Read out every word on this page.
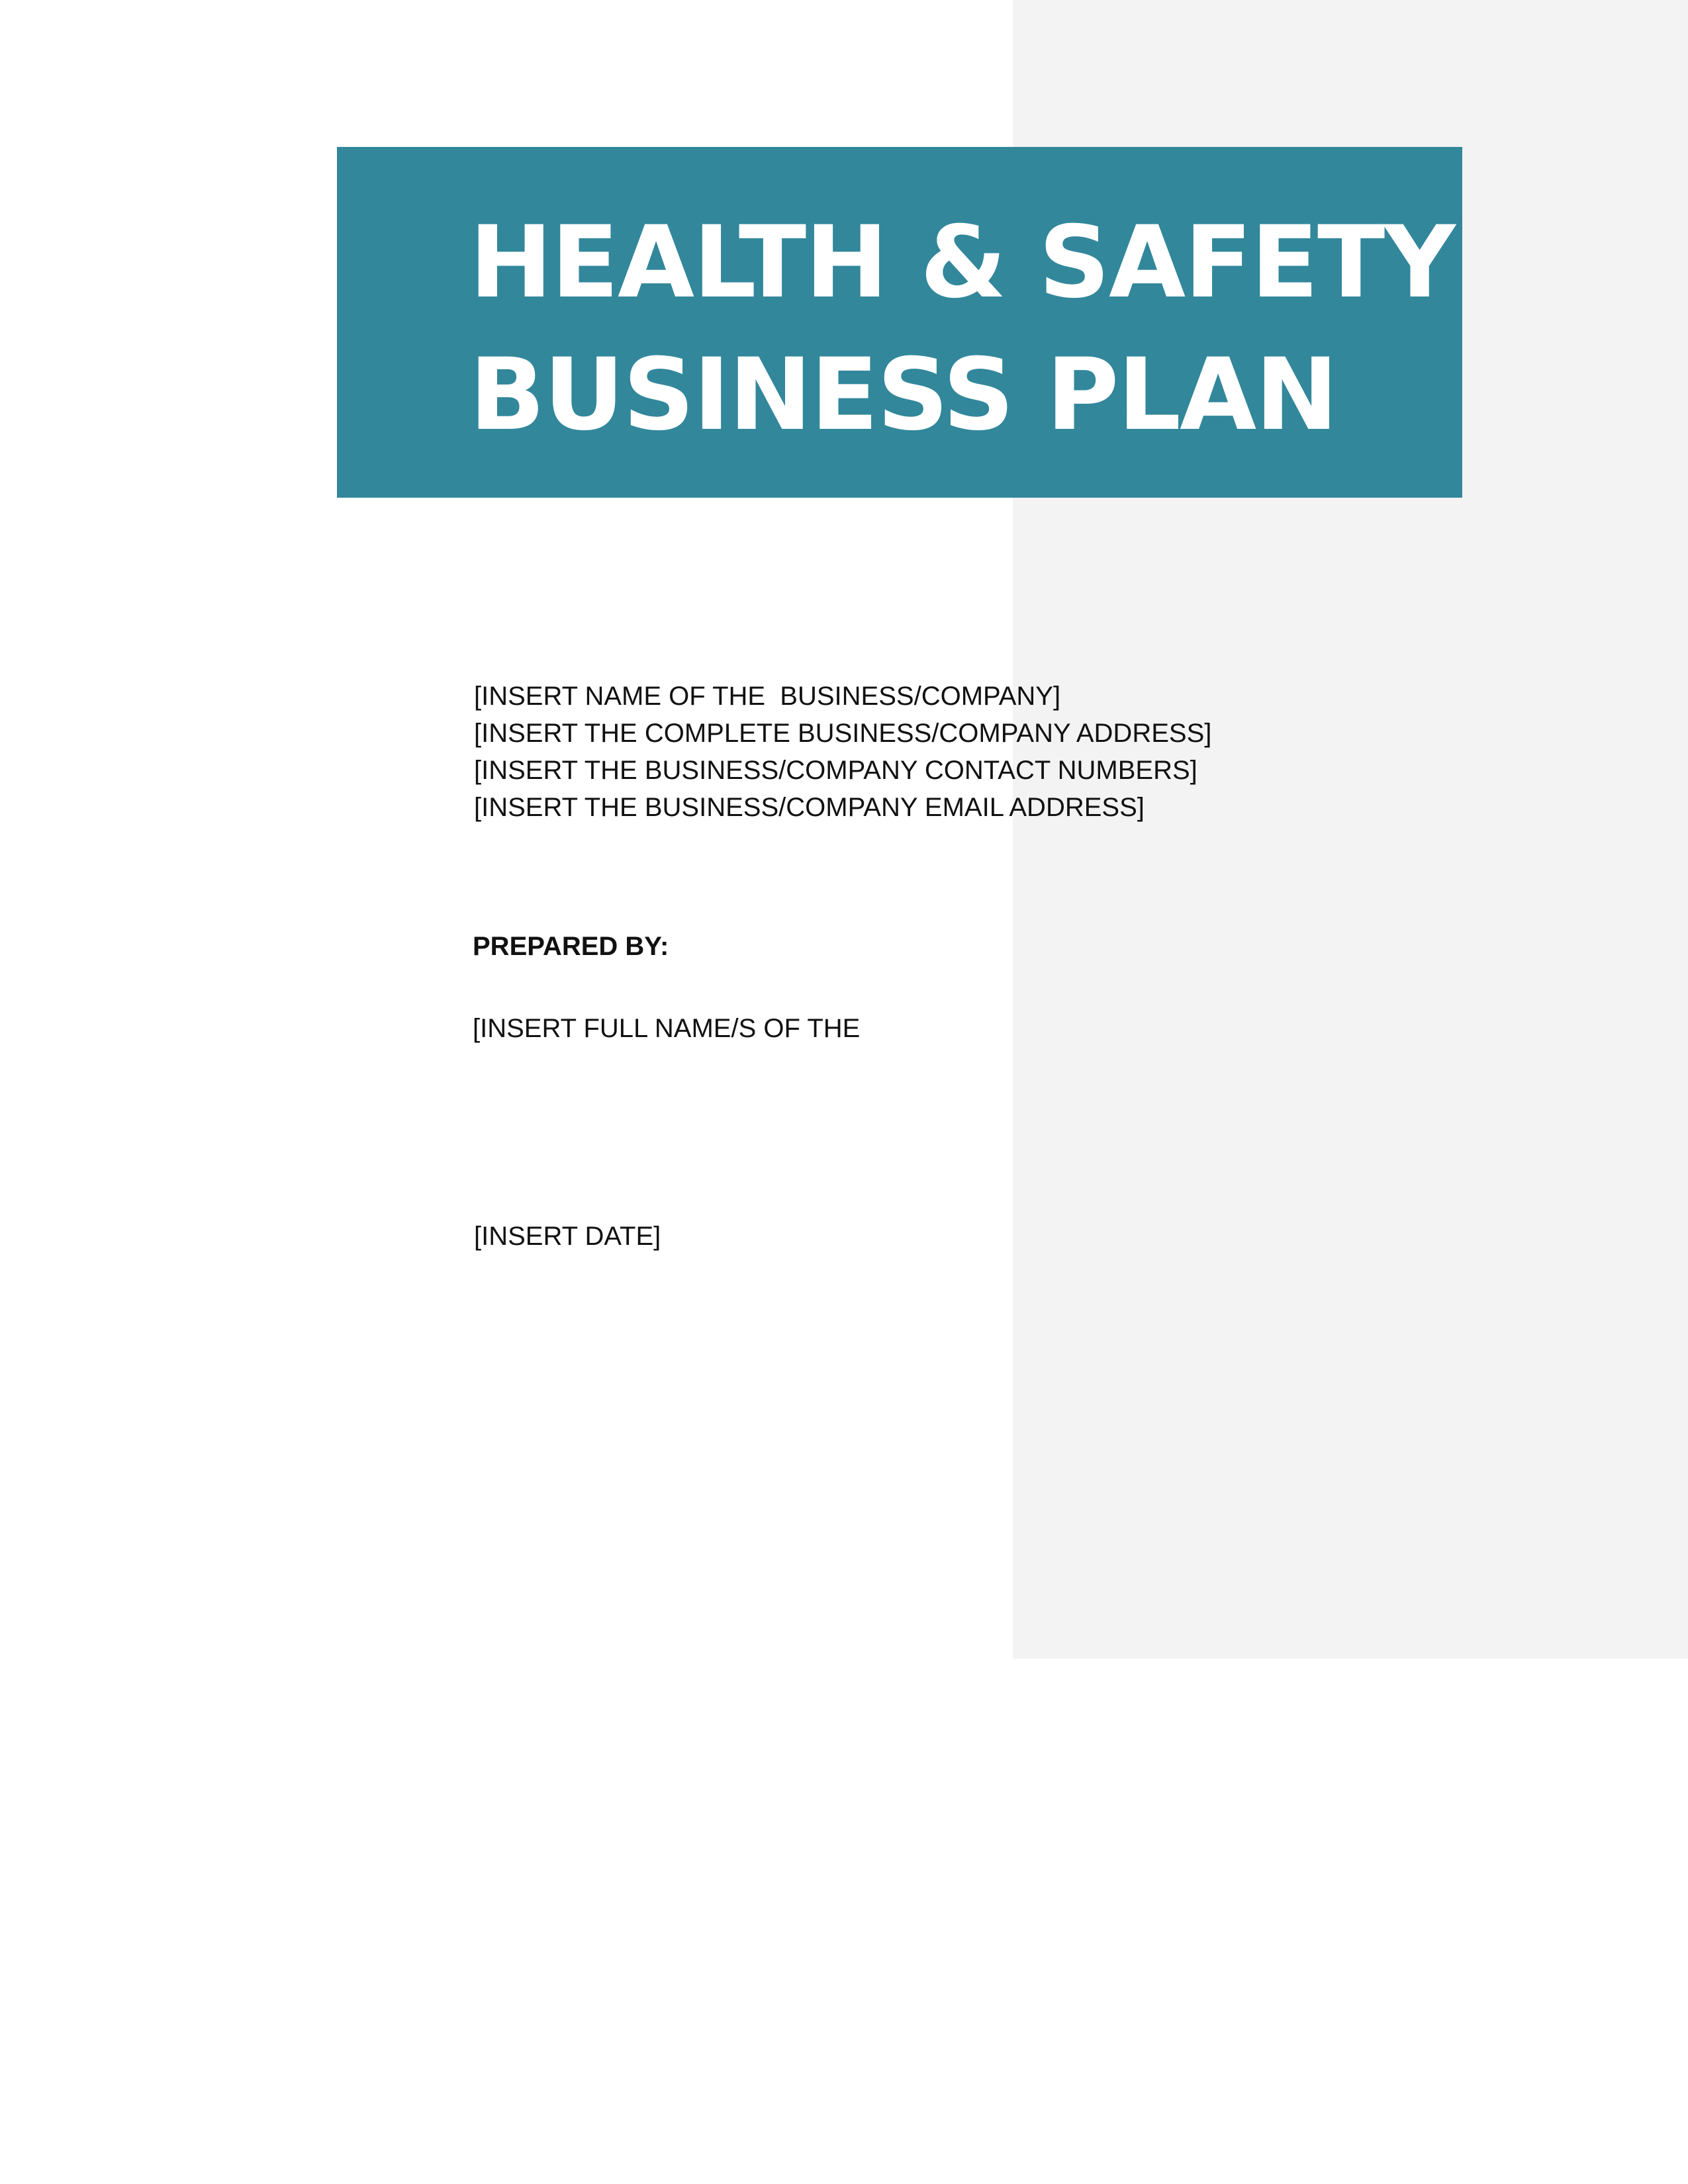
HEALTH & SAFETY
BUSINESS PLAN
[INSERT NAME OF THE  BUSINESS/COMPANY]
[INSERT THE COMPLETE BUSINESS/COMPANY ADDRESS]
[INSERT THE BUSINESS/COMPANY CONTACT NUMBERS]
[INSERT THE BUSINESS/COMPANY EMAIL ADDRESS]
PREPARED BY:
[INSERT FULL NAME/S OF THE
[INSERT DATE]
